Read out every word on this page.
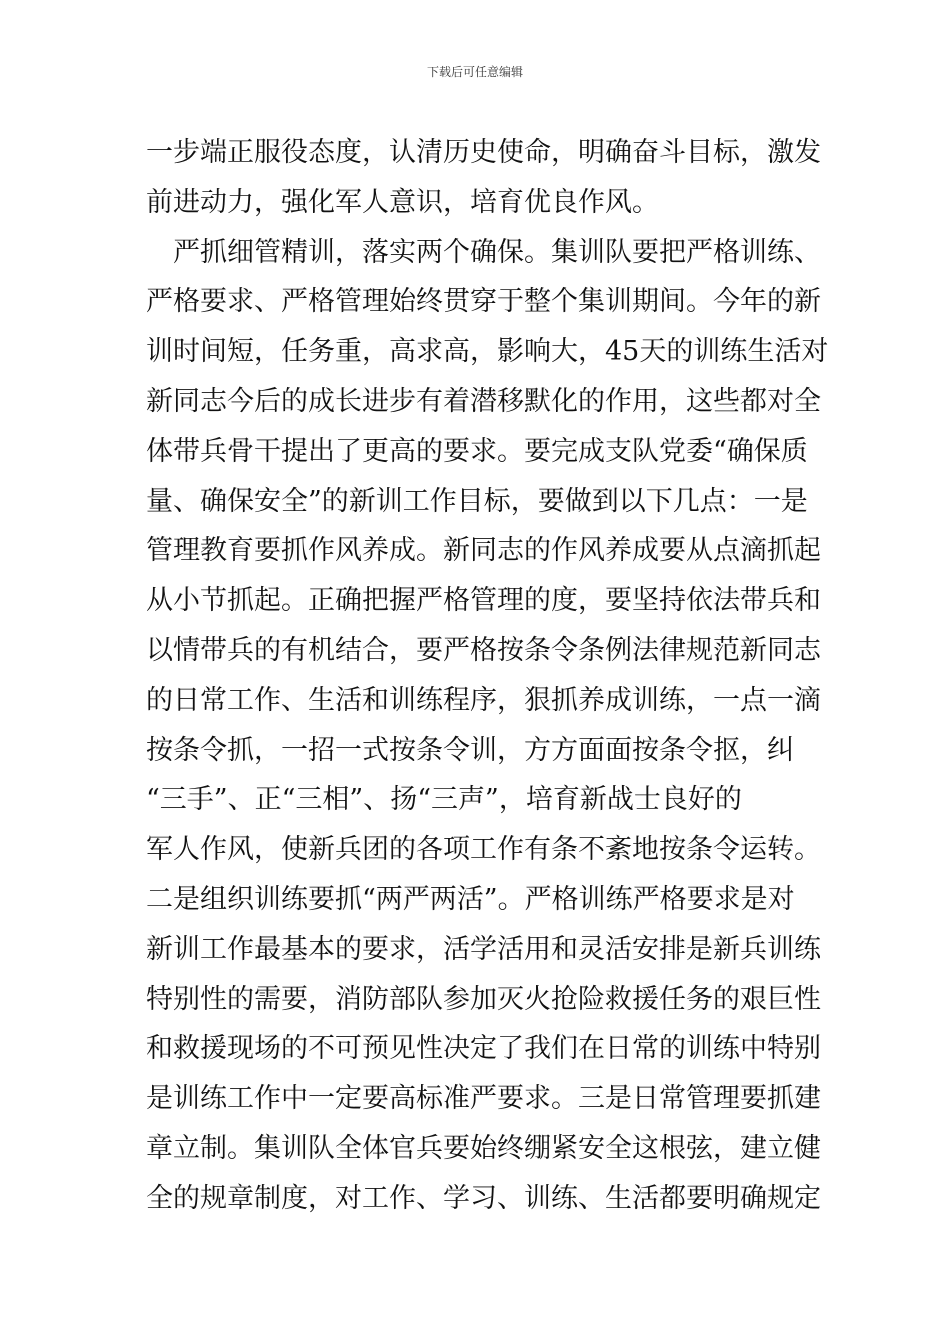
下载后可任意编辑
一步端正服役态度，认清历史使命，明确奋斗目标，激发
前进动力，强化军人意识，培育优良作风。
　严抓细管精训，落实两个确保。集训队要把严格训练、
严格要求、严格管理始终贯穿于整个集训期间。今年的新
训时间短，任务重，高求高，影响大，45天的训练生活对
新同志今后的成长进步有着潜移默化的作用，这些都对全
体带兵骨干提出了更高的要求。要完成支队党委“确保质
量、确保安全”的新训工作目标，要做到以下几点：一是
管理教育要抓作风养成。新同志的作风养成要从点滴抓起
从小节抓起。正确把握严格管理的度，要坚持依法带兵和
以情带兵的有机结合，要严格按条令条例法律规范新同志
的日常工作、生活和训练程序，狠抓养成训练，一点一滴
按条令抓，一招一式按条令训，方方面面按条令抠，纠
“三手”、正“三相”、扬“三声”，培育新战士良好的
军人作风，使新兵团的各项工作有条不紊地按条令运转。
二是组织训练要抓“两严两活”。严格训练严格要求是对
新训工作最基本的要求，活学活用和灵活安排是新兵训练
特别性的需要，消防部队参加灭火抢险救援任务的艰巨性
和救援现场的不可预见性决定了我们在日常的训练中特别
是训练工作中一定要高标准严要求。三是日常管理要抓建
章立制。集训队全体官兵要始终绷紧安全这根弦，建立健
全的规章制度，对工作、学习、训练、生活都要明确规定
